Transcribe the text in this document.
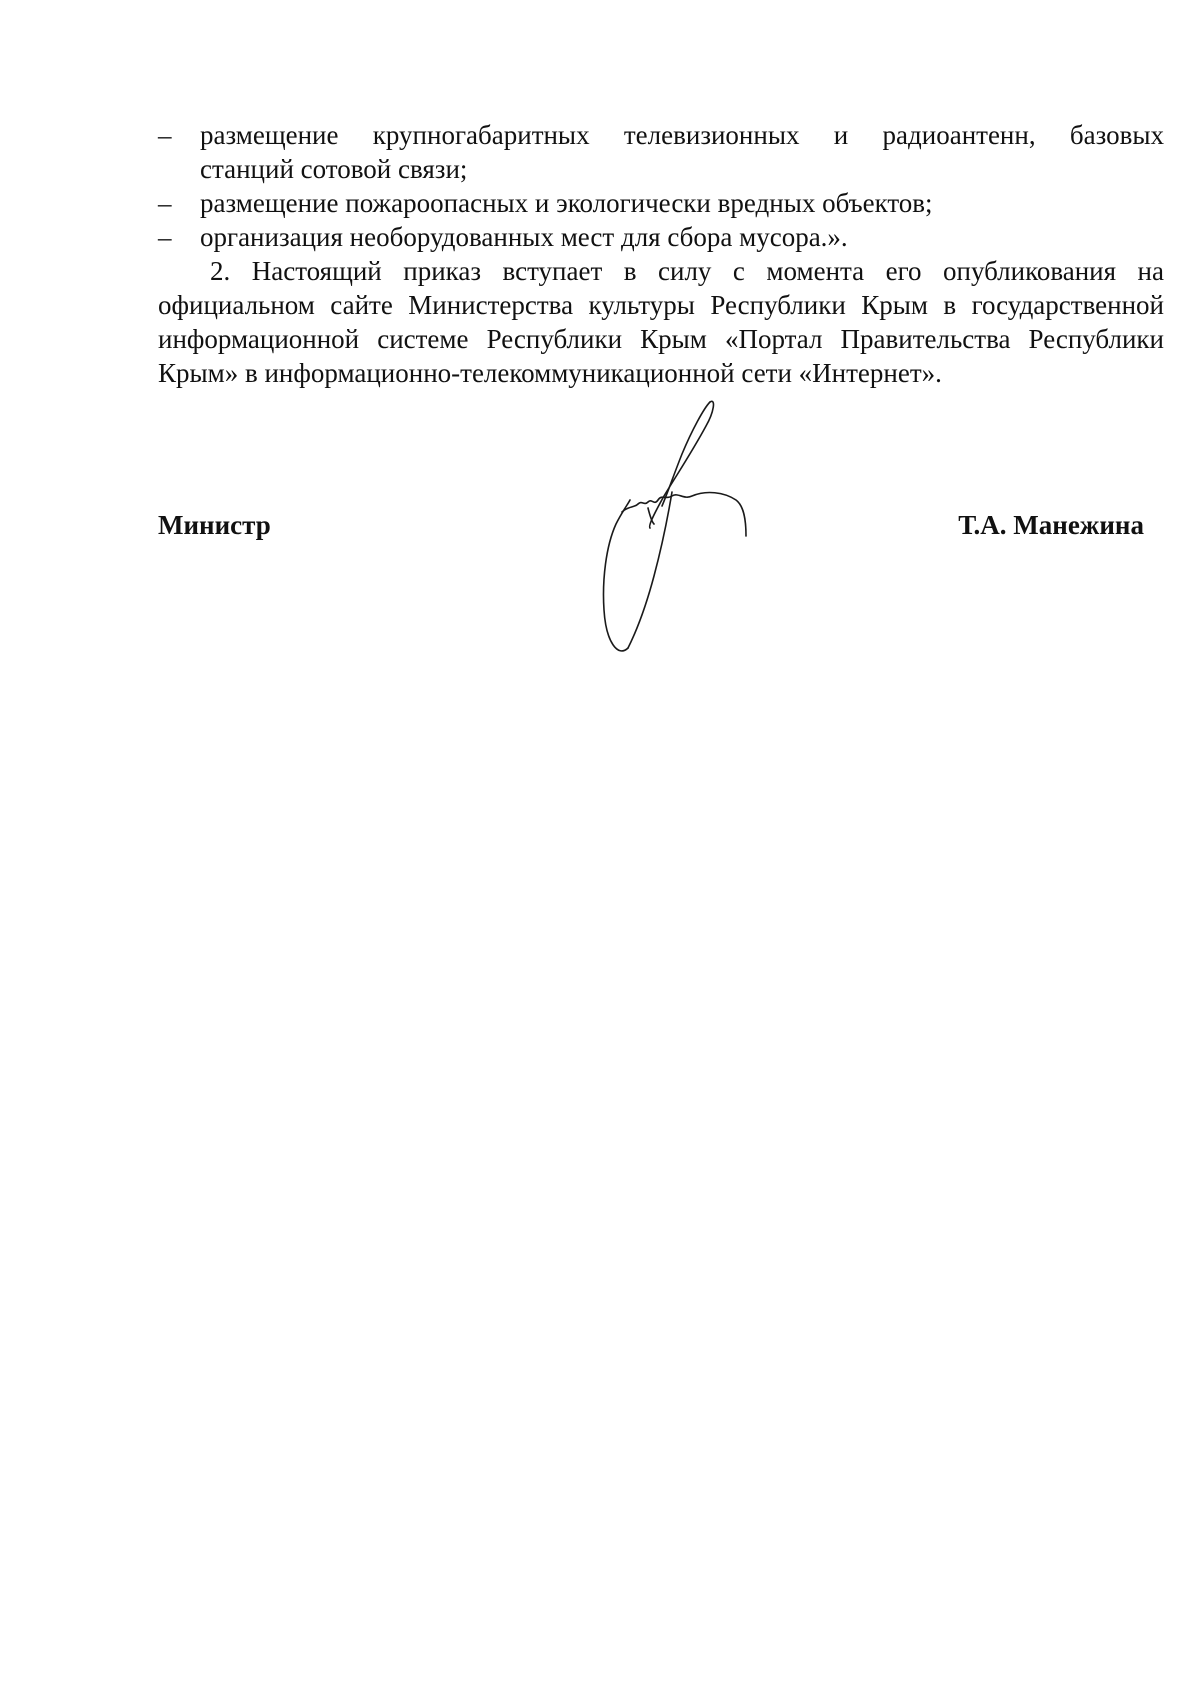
– размещение крупногабаритных телевизионных и радиоантенн, базовых
станций сотовой связи;
– размещение пожароопасных и экологически вредных объектов;
– организация необорудованных мест для сбора мусора.».
2. Настоящий приказ вступает в силу с момента его опубликования на официальном сайте Министерства культуры Республики Крым в государственной информационной системе Республики Крым «Портал Правительства Республики Крым» в информационно-телекоммуникационной сети «Интернет».
Министр	Т.А. Манежина
